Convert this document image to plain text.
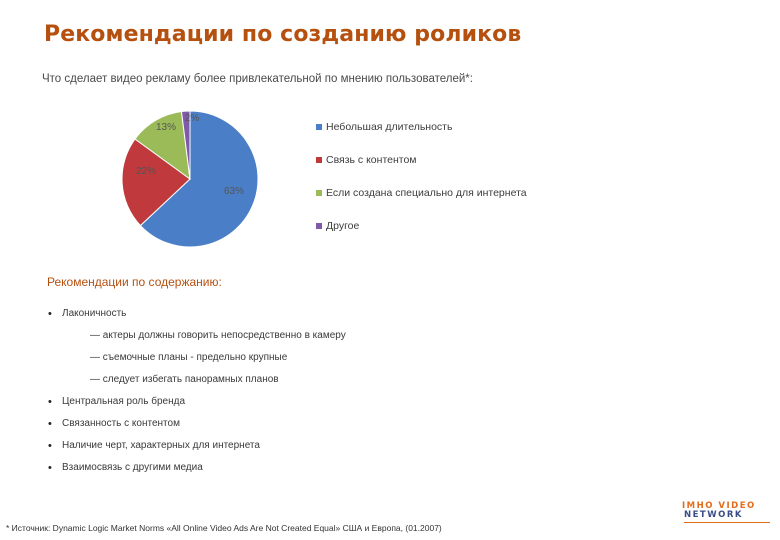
Рекомендации по созданию роликов
Что сделает видео рекламу более привлекательной по мнению пользователей*:
63%
22%
13%
2%
Небольшая длительность
Связь с контентом
Если создана специально для интернета
Другое
Рекомендации по содержанию:
• Лаконичность
— актеры должны говорить непосредственно в камеру
— съемочные планы - предельно крупные
— следует избегать панорамных планов
• Центральная роль бренда
• Связанность с контентом
• Наличие черт, характерных для интернета
• Взаимосвязь с другими медиа
* Источник: Dynamic Logic Market Norms «All Online Video Ads Are Not Created Equal» США и Европа, (01.2007)
IMHO VIDEO
NETWORK
